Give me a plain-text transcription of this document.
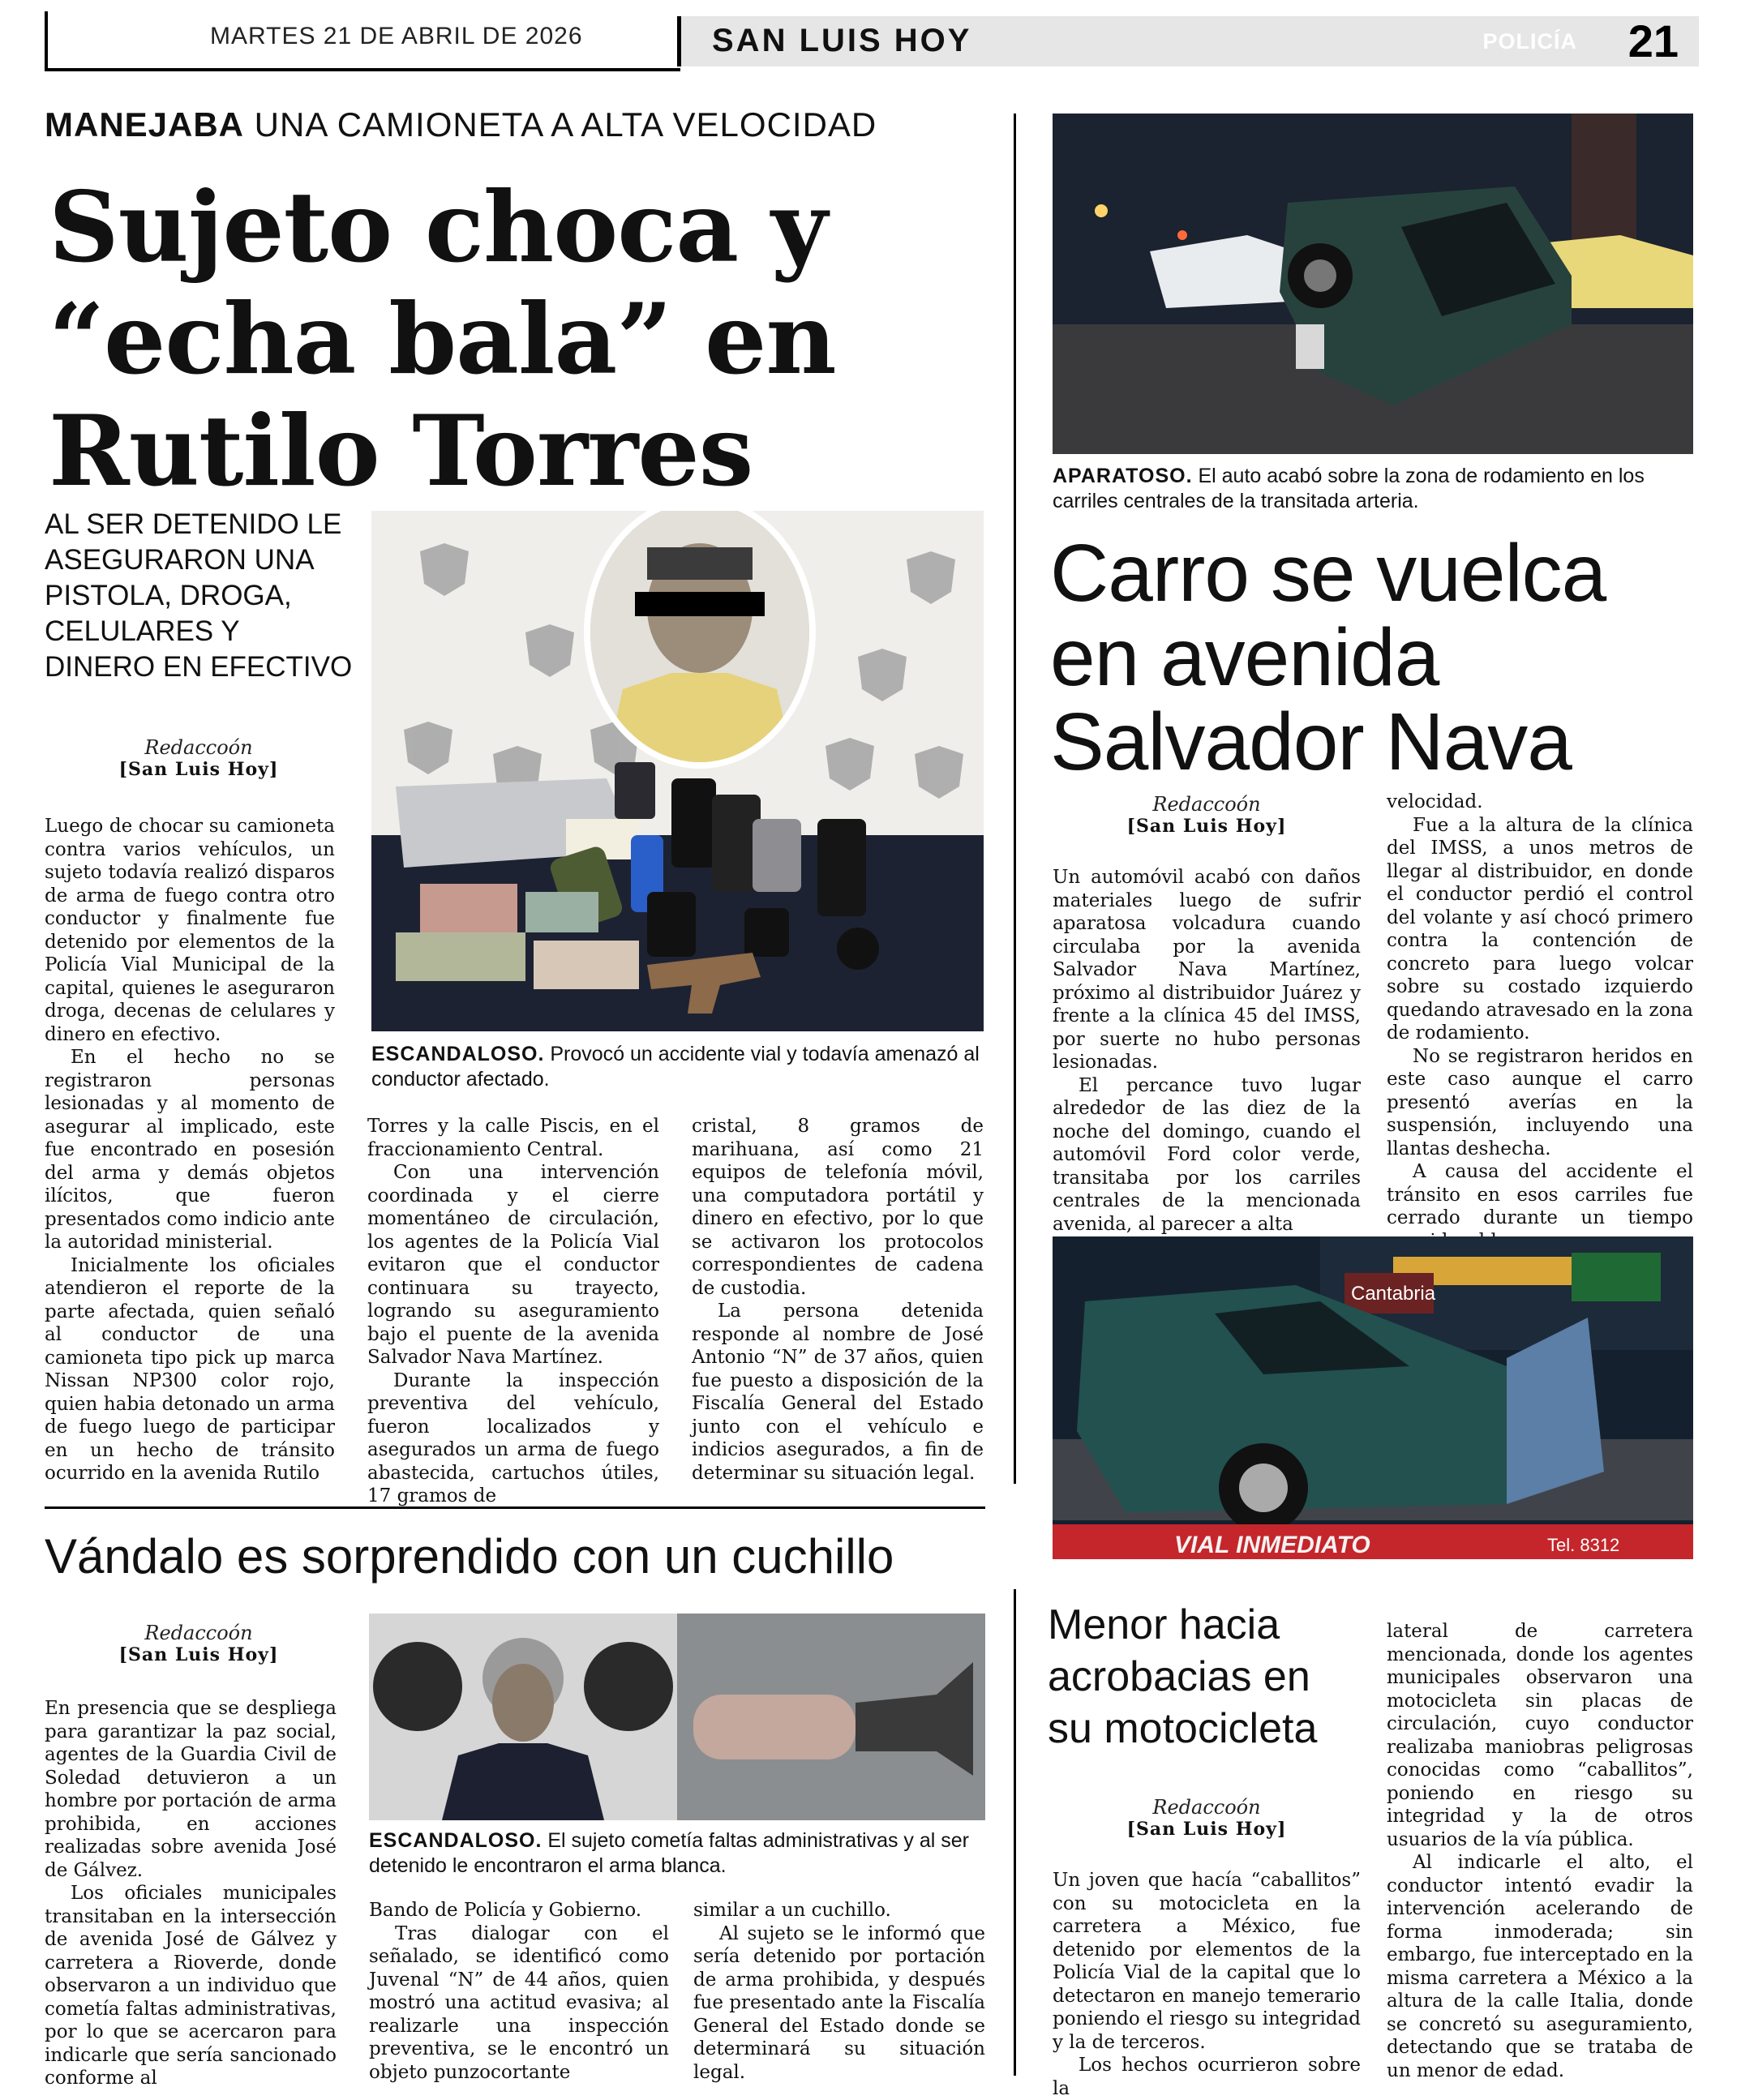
MARTES 21 DE ABRIL DE 2026	SAN LUIS HOY	POLICÍA 21
MANEJABA UNA CAMIONETA A ALTA VELOCIDAD
Sujeto choca y
“echa bala” en
Rutilo Torres
AL SER DETENIDO LE ASEGURARON UNA PISTOLA, DROGA, CELULARES Y DINERO EN EFECTIVO
Redaccoón
[San Luis Hoy]
ESCANDALOSO. Provocó un accidente vial y todavía amenazó al conductor afectado.

Luego de chocar su camioneta contra varios vehículos, un sujeto todavía realizó disparos de arma de fuego contra otro conductor y finalmente fue detenido por elementos de la Policía Vial Municipal de la capital, quienes le aseguraron droga, decenas de celulares y dinero en efectivo.

En el hecho no se registraron personas lesionadas y al momento de asegurar al implicado, este fue encontrado en posesión del arma y demás objetos ilícitos, que fueron presentados como indicio ante la autoridad ministerial.

Inicialmente los oficiales atendieron el reporte de la parte afectada, quien señaló al conductor de una camioneta tipo pick up marca Nissan NP300 color rojo, quien habia detonado un arma de fuego luego de participar en un hecho de tránsito ocurrido en la avenida Rutilo

Torres y la calle Piscis, en el fraccionamiento Central.

Con una intervención coordinada y el cierre momentáneo de circulación, los agentes de la Policía Vial evitaron que el conductor continuara su trayecto, logrando su aseguramiento bajo el puente de la avenida Salvador Nava Martínez.

Durante la inspección preventiva del vehículo, fueron localizados y asegurados un arma de fuego abastecida, cartuchos útiles, 17 gramos de

cristal, 8 gramos de marihuana, así como 21 equipos de telefonía móvil, una computadora portátil y dinero en efectivo, por lo que se activaron los protocolos correspondientes de cadena de custodia.

La persona detenida responde al nombre de José Antonio “N” de 37 años, quien fue puesto a disposición de la Fiscalía General del Estado junto con el vehículo e indicios asegurados, a fin de determinar su situación legal.

APARATOSO. El auto acabó sobre la zona de rodamiento en los carriles centrales de la transitada arteria.
Carro se vuelca
en avenida
Salvador Nava
Redaccoón
[San Luis Hoy]

Un automóvil acabó con daños materiales luego de sufrir aparatosa volcadura cuando circulaba por la avenida Salvador Nava Martínez, próximo al distribuidor Juárez y frente a la clínica 45 del IMSS, por suerte no hubo personas lesionadas.

El percance tuvo lugar alrededor de las diez de la noche del domingo, cuando el automóvil Ford color verde, transitaba por los carriles centrales de la mencionada avenida, al parecer a alta

velocidad.

Fue a la altura de la clínica del IMSS, a unos metros de llegar al distribuidor, en donde el conductor perdió el control del volante y así chocó primero contra la contención de concreto para luego volcar sobre su costado izquierdo quedando atravesado en la zona de rodamiento.

No se registraron heridos en este caso aunque el carro presentó averías en la suspensión, incluyendo una llantas deshecha.

A causa del accidente el tránsito en esos carriles fue cerrado durante un tiempo

Cantabria
VIAL INMEDIATO	Tel. 8312
Vándalo es sorprendido con un cuchillo
Redaccoón
[San Luis Hoy]

En presencia que se despliega para garantizar la paz social, agentes de la Guardia Civil de Soledad detuvieron a un hombre por portación de arma prohibida, en acciones realizadas sobre avenida José de Gálvez.

Los oficiales municipales transitaban en la intersección de avenida José de Gálvez y carretera a Rioverde, donde observaron a un individuo que cometía faltas administrativas, por lo que se acercaron para indicarle que sería sancionado conforme al

ESCANDALOSO. El sujeto cometía faltas administrativas y al ser detenido le encontraron el arma blanca.

Bando de Policía y Gobierno.

Tras dialogar con el señalado, se identificó como Juvenal “N” de 44 años, quien mostró una actitud evasiva; al realizarle una inspección preventiva, se le encontró un objeto punzocortante

similar a un cuchillo.

Al sujeto se le informó que sería detenido por portación de arma prohibida, y después fue presentado ante la Fiscalía General del Estado donde se determinará su situación legal.

Menor hacia
acrobacias en
su motocicleta
Redaccoón
[San Luis Hoy]

Un joven que hacía “caballitos” con su motocicleta en la carretera a México, fue detenido por elementos de la Policía Vial de la capital que lo detectaron en manejo temerario poniendo el riesgo su integridad y la de terceros.

Los hechos ocurrieron sobre la

lateral de carretera mencionada, donde los agentes municipales observaron una motocicleta sin placas de circulación, cuyo conductor realizaba maniobras peligrosas conocidas como “caballitos”, poniendo en riesgo su integridad y la de otros usuarios de la vía pública.

Al indicarle el alto, el conductor intentó evadir la intervención acelerando de forma inmoderada; sin embargo, fue interceptado en la misma carretera a México a la altura de la calle Italia, donde se concretó su aseguramiento, detectando que se trataba de un menor de edad.
